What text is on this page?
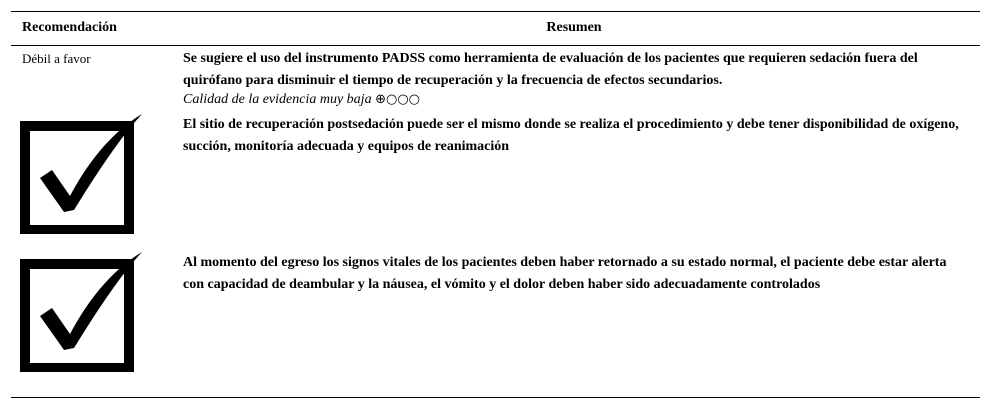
Recomendación	Resumen
Débil a favor	Se sugiere el uso del instrumento PADSS como herramienta de evaluación de los pacientes que requieren sedación fuera del quirófano para disminuir el tiempo de recuperación y la frecuencia de efectos secundarios.
Calidad de la evidencia muy baja ⊕○○○
El sitio de recuperación postsedación puede ser el mismo donde se realiza el procedimiento y debe tener disponibilidad de oxígeno, succión, monitoría adecuada y equipos de reanimación
Al momento del egreso los signos vitales de los pacientes deben haber retornado a su estado normal, el paciente debe estar alerta con capacidad de deambular y la náusea, el vómito y el dolor deben haber sido adecuadamente controlados
